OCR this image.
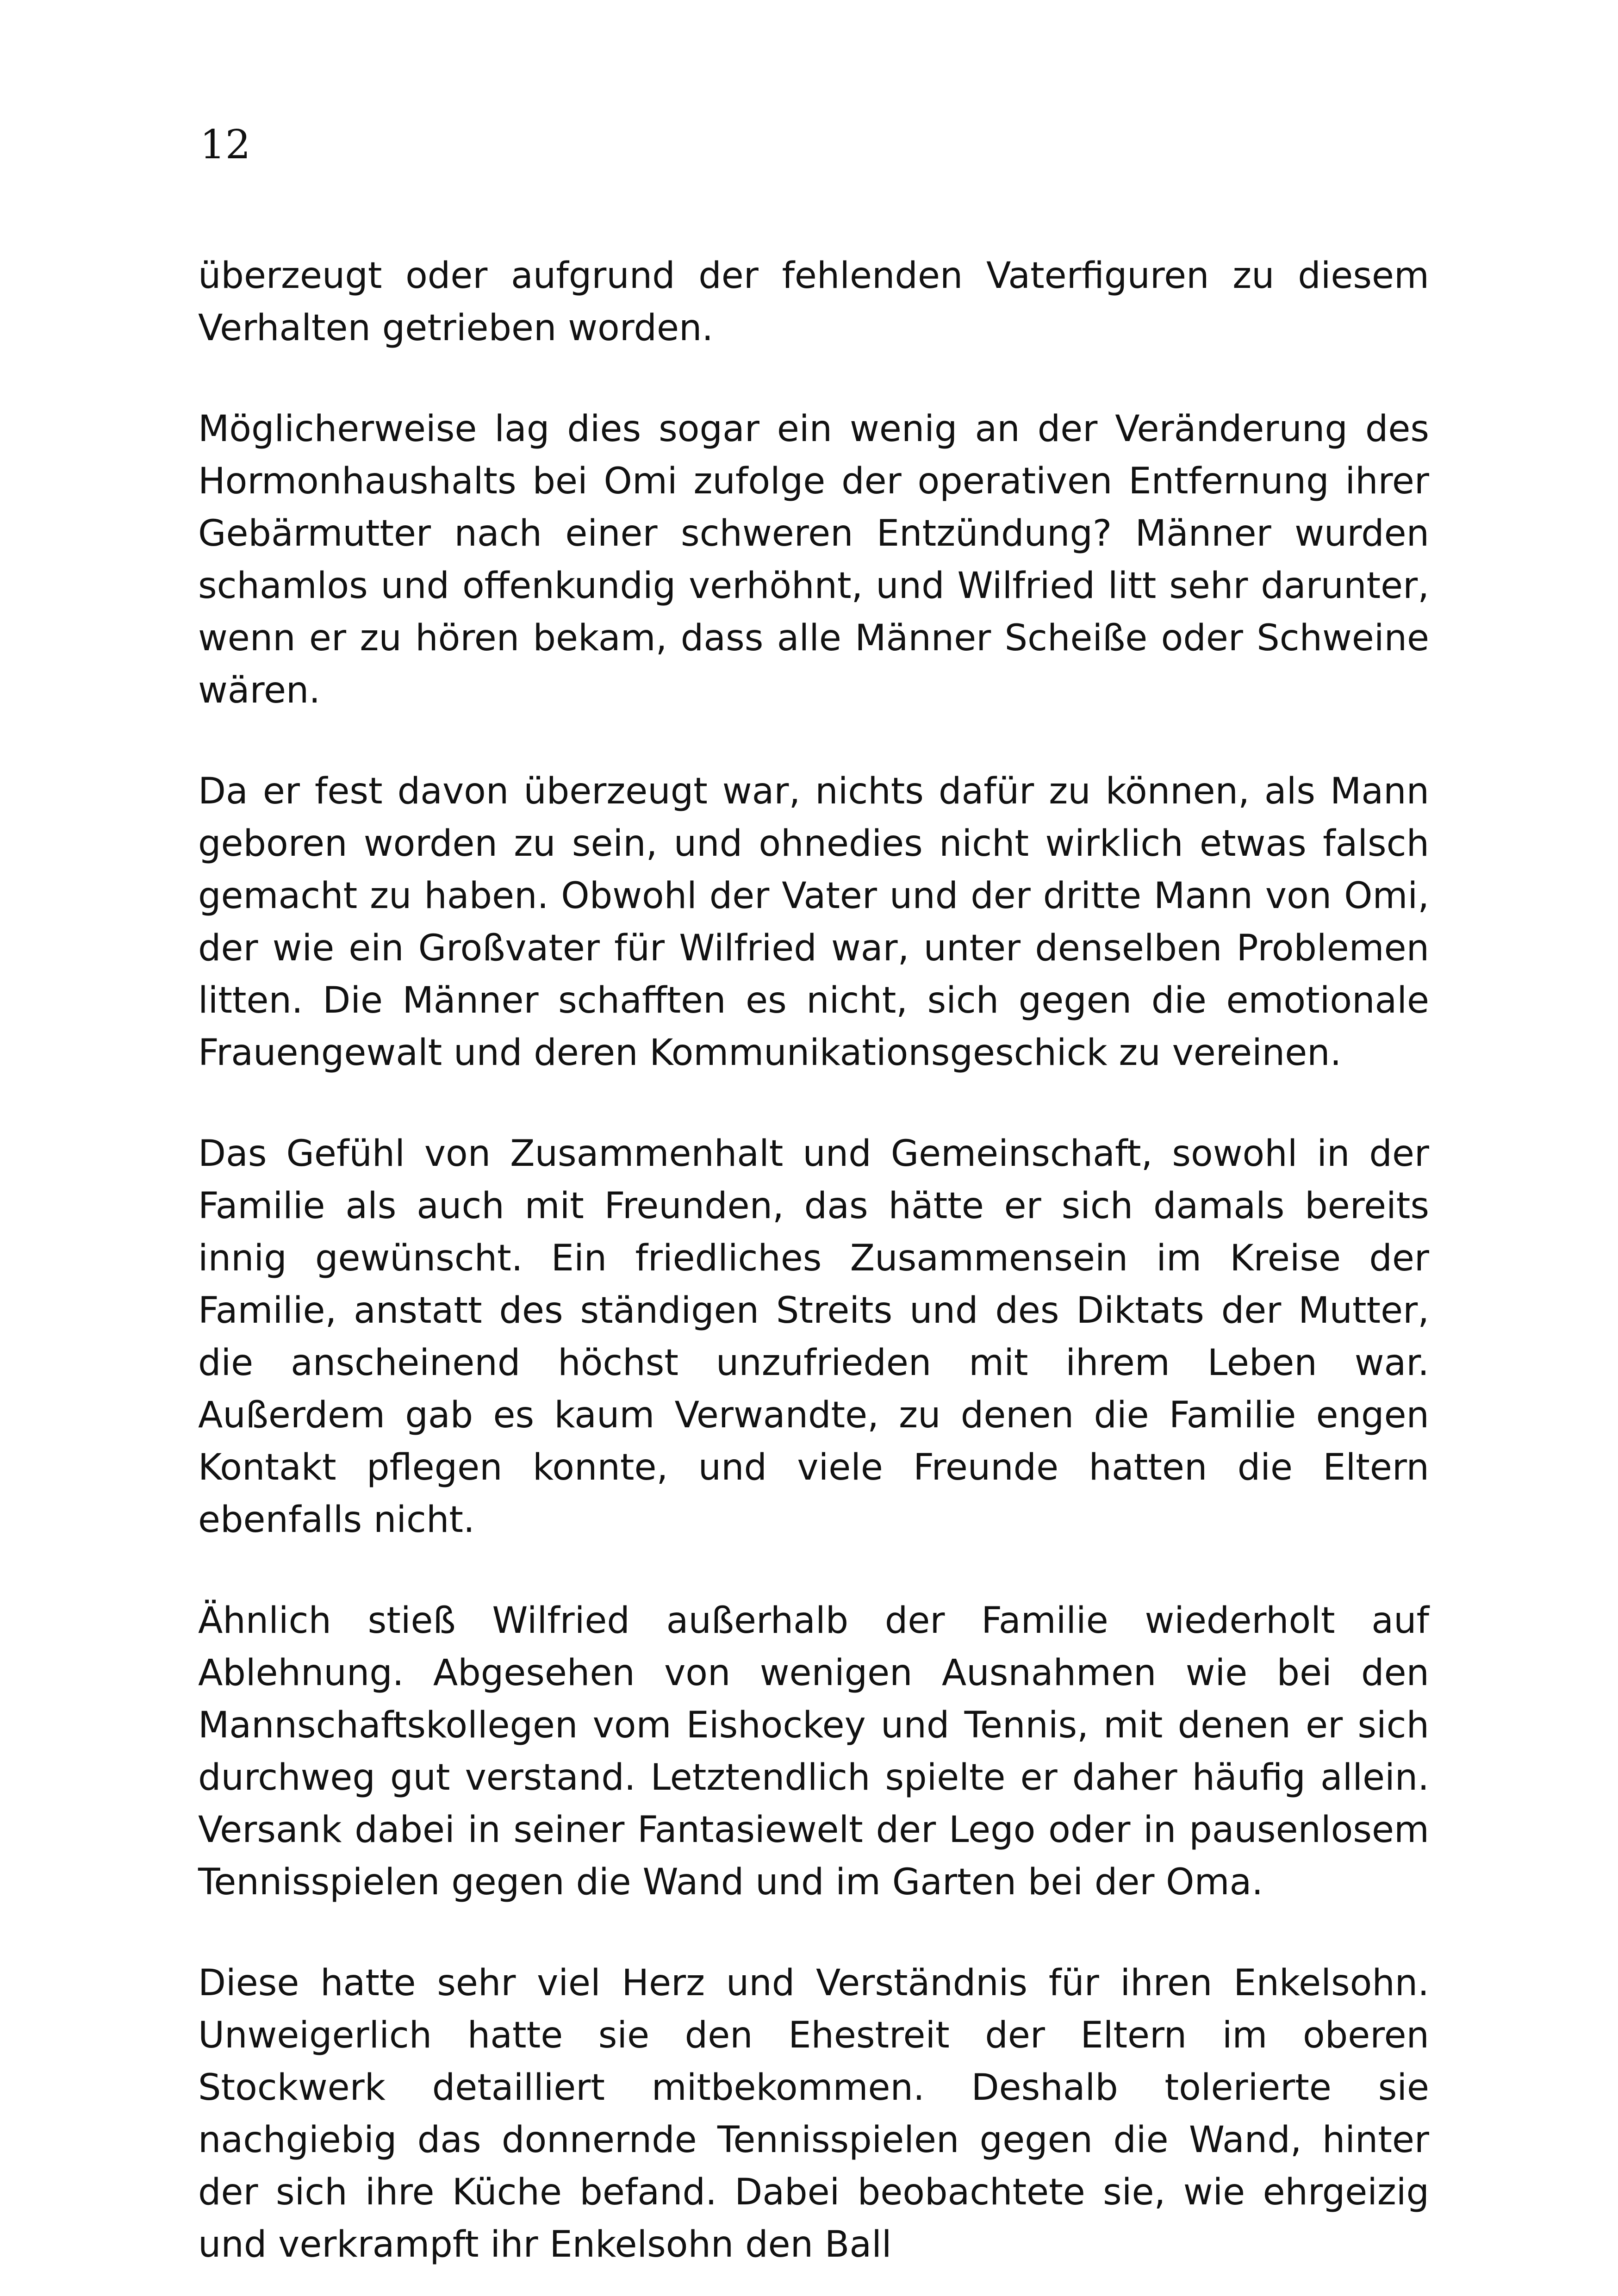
12

überzeugt oder aufgrund der fehlenden Vaterfiguren zu diesem Verhalten getrieben worden.

Möglicherweise lag dies sogar ein wenig an der Veränderung des Hormonhaushalts bei Omi zufolge der operativen Entfernung ihrer Gebärmutter nach einer schweren Entzündung? Männer wurden schamlos und offenkundig verhöhnt, und Wilfried litt sehr darunter, wenn er zu hören bekam, dass alle Männer Scheiße oder Schweine wären.

Da er fest davon überzeugt war, nichts dafür zu können, als Mann geboren worden zu sein, und ohnedies nicht wirklich etwas falsch gemacht zu haben. Obwohl der Vater und der dritte Mann von Omi, der wie ein Großvater für Wilfried war, unter denselben Problemen litten. Die Männer schafften es nicht, sich gegen die emotionale Frauengewalt und deren Kommunikationsgeschick zu vereinen.

Das Gefühl von Zusammenhalt und Gemeinschaft, sowohl in der Familie als auch mit Freunden, das hätte er sich damals bereits innig gewünscht. Ein friedliches Zusammensein im Kreise der Familie, anstatt des ständigen Streits und des Diktats der Mutter, die anscheinend höchst unzufrieden mit ihrem Leben war. Außerdem gab es kaum Verwandte, zu denen die Familie engen Kontakt pflegen konnte, und viele Freunde hatten die Eltern ebenfalls nicht.

Ähnlich stieß Wilfried außerhalb der Familie wiederholt auf Ablehnung. Abgesehen von wenigen Ausnahmen wie bei den Mannschaftskollegen vom Eishockey und Tennis, mit denen er sich durchweg gut verstand. Letztendlich spielte er daher häufig allein. Versank dabei in seiner Fantasiewelt der Lego oder in pausenlosem Tennisspielen gegen die Wand und im Garten bei der Oma.

Diese hatte sehr viel Herz und Verständnis für ihren Enkelsohn. Unweigerlich hatte sie den Ehestreit der Eltern im oberen Stockwerk detailliert mitbekommen. Deshalb tolerierte sie nachgiebig das donnernde Tennisspielen gegen die Wand, hinter der sich ihre Küche befand. Dabei beobachtete sie, wie ehrgeizig und verkrampft ihr Enkelsohn den Ball
